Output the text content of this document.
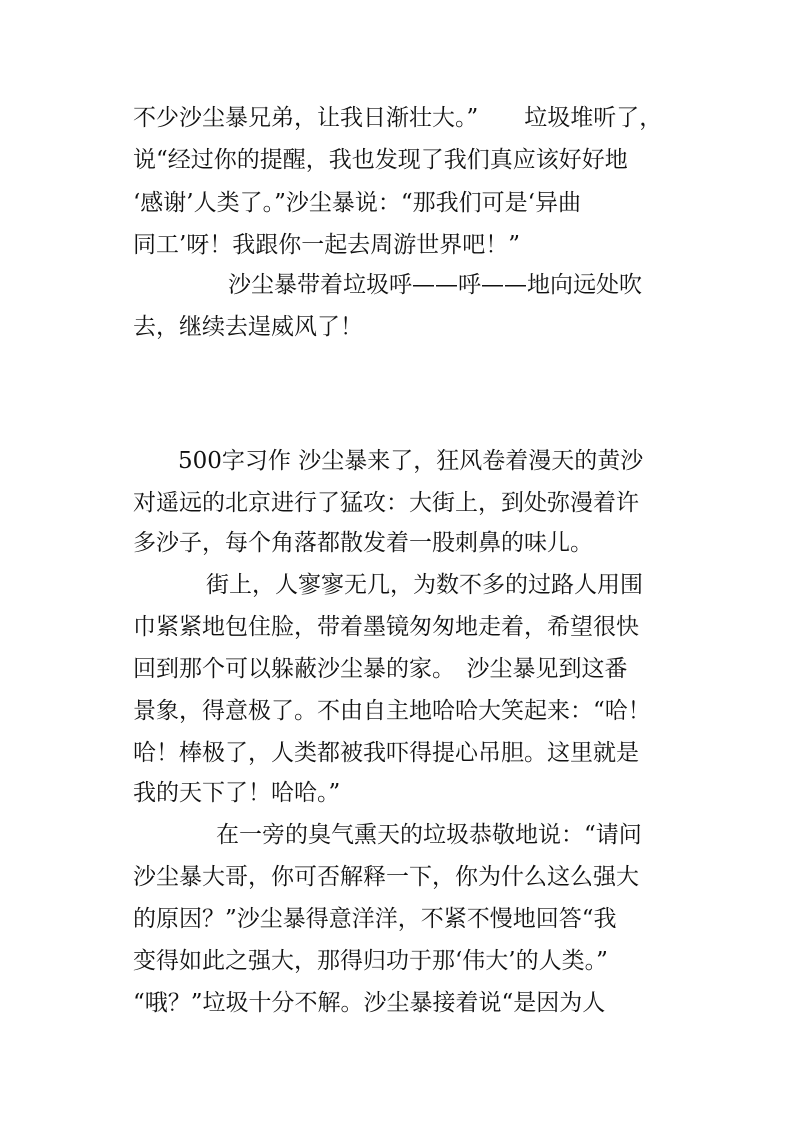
不少沙尘暴兄弟，让我日渐壮大。”　　垃圾堆听了，
说“经过你的提醒，我也发现了我们真应该好好地
‘感谢’人类了。”沙尘暴说：“那我们可是‘异曲
同工’呀！我跟你一起去周游世界吧！”
沙尘暴带着垃圾呼——呼——地向远处吹
去，继续去逞威风了！
500字习作 沙尘暴来了，狂风卷着漫天的黄沙
对遥远的北京进行了猛攻：大街上，到处弥漫着许
多沙子，每个角落都散发着一股刺鼻的味儿。
街上，人寥寥无几，为数不多的过路人用围
巾紧紧地包住脸，带着墨镜匆匆地走着，希望很快
回到那个可以躲蔽沙尘暴的家。　沙尘暴见到这番
景象，得意极了。不由自主地哈哈大笑起来：“哈！
哈！棒极了，人类都被我吓得提心吊胆。这里就是
我的天下了！哈哈。”
在一旁的臭气熏天的垃圾恭敬地说：“请问
沙尘暴大哥，你可否解释一下，你为什么这么强大
的原因？”沙尘暴得意洋洋，不紧不慢地回答“我
变得如此之强大，那得归功于那‘伟大’的人类。”
“哦？”垃圾十分不解。沙尘暴接着说“是因为人
